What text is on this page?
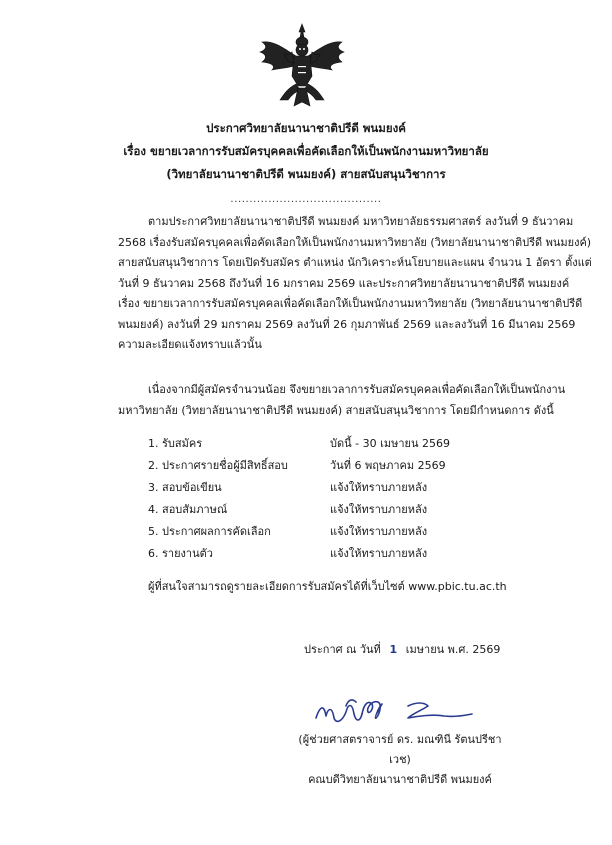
ประกาศวิทยาลัยนานาชาติปรีดี พนมยงค์
เรื่อง ขยายเวลาการรับสมัครบุคคลเพื่อคัดเลือกให้เป็นพนักงานมหาวิทยาลัย
(วิทยาลัยนานาชาติปรีดี พนมยงค์) สายสนับสนุนวิชาการ
........................................
ตามประกาศวิทยาลัยนานาชาติปรีดี พนมยงค์ มหาวิทยาลัยธรรมศาสตร์ ลงวันที่ 9 ธันวาคม
2568 เรื่องรับสมัครบุคคลเพื่อคัดเลือกให้เป็นพนักงานมหาวิทยาลัย (วิทยาลัยนานาชาติปรีดี พนมยงค์)
สายสนับสนุนวิชาการ โดยเปิดรับสมัคร ตำแหน่ง นักวิเคราะห์นโยบายและแผน จำนวน 1 อัตรา ตั้งแต่
วันที่ 9 ธันวาคม 2568 ถึงวันที่ 16 มกราคม 2569 และประกาศวิทยาลัยนานาชาติปรีดี พนมยงค์
เรื่อง ขยายเวลาการรับสมัครบุคคลเพื่อคัดเลือกให้เป็นพนักงานมหาวิทยาลัย (วิทยาลัยนานาชาติปรีดี
พนมยงค์) ลงวันที่ 29 มกราคม 2569 ลงวันที่ 26 กุมภาพันธ์ 2569 และลงวันที่ 16 มีนาคม 2569
ความละเอียดแจ้งทราบแล้วนั้น
เนื่องจากมีผู้สมัครจำนวนน้อย จึงขยายเวลาการรับสมัครบุคคลเพื่อคัดเลือกให้เป็นพนักงาน
มหาวิทยาลัย (วิทยาลัยนานาชาติปรีดี พนมยงค์) สายสนับสนุนวิชาการ โดยมีกำหนดการ ดังนี้
1. รับสมัคร	บัดนี้ - 30 เมษายน 2569
2. ประกาศรายชื่อผู้มีสิทธิ์สอบ	วันที่ 6 พฤษภาคม 2569
3. สอบข้อเขียน	แจ้งให้ทราบภายหลัง
4. สอบสัมภาษณ์	แจ้งให้ทราบภายหลัง
5. ประกาศผลการคัดเลือก	แจ้งให้ทราบภายหลัง
6. รายงานตัว	แจ้งให้ทราบภายหลัง
ผู้ที่สนใจสามารถดูรายละเอียดการรับสมัครได้ที่เว็บไซต์ www.pbic.tu.ac.th
ประกาศ ณ วันที่ 1 เมษายน พ.ศ. 2569
(ผู้ช่วยศาสตราจารย์ ดร. มณฑินี รัตนปรีชาเวช)
คณบดีวิทยาลัยนานาชาติปรีดี พนมยงค์
